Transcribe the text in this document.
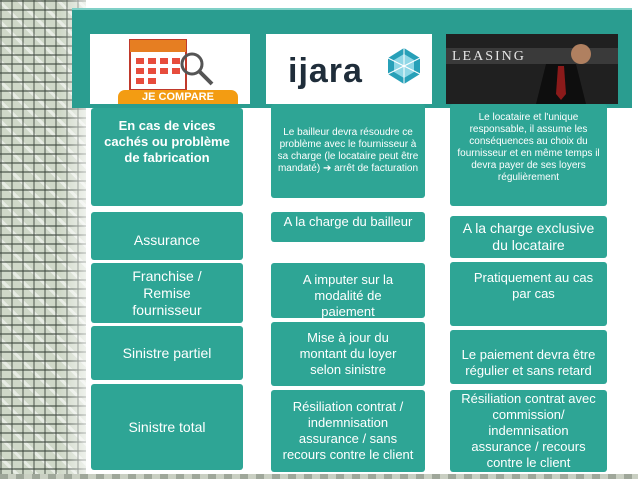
JE COMPARE
ijara	LEASING
En cas de vices cachés ou problème de fabrication
Le bailleur devra résoudre ce problème avec le fournisseur à sa charge (le locataire peut être mandaté) ➔ arrêt de facturation
Le locataire et l'unique responsable, il assume les conséquences au choix du fournisseur et en même temps il devra payer de ses loyers régulièrement
Assurance
A la charge du bailleur	A la charge exclusive du locataire
Franchise / Remise fournisseur
A imputer sur la modalité de paiement
Pratiquement au cas par cas
Sinistre partiel
Mise à jour du montant du loyer selon sinistre
Le paiement devra être régulier et sans retard
Sinistre total
Résiliation contrat / indemnisation assurance / sans recours contre le client
Résiliation contrat avec commission/ indemnisation assurance / recours contre le client
